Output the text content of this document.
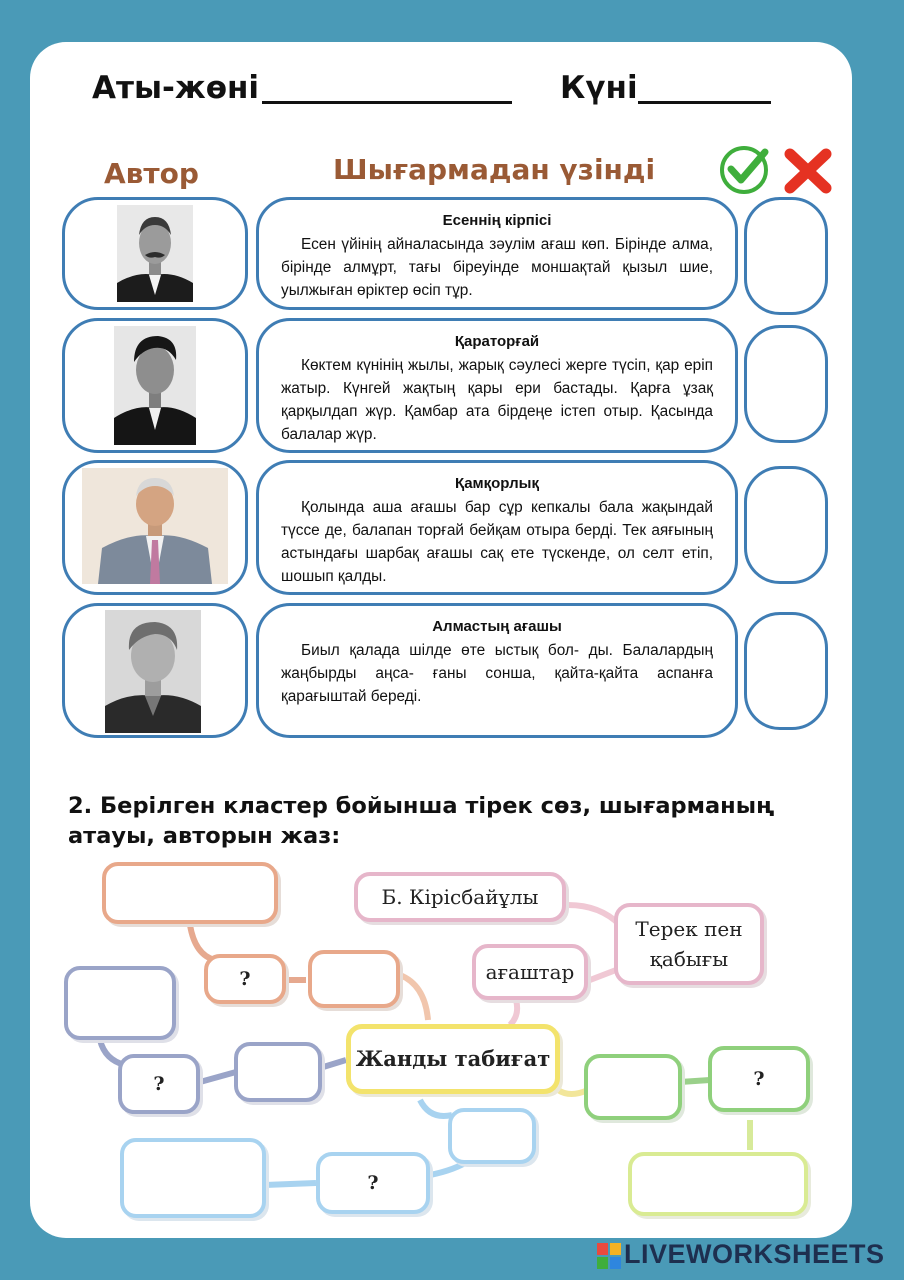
Аты-жөні	Күні
Автор	Шығармадан үзінді
Есеннің кірпісі
Есен үйінің айналасында зәулім ағаш көп. Бірінде алма, бірінде алмұрт, тағы біреуінде моншақтай қызыл шие, уылжыған өріктер өсіп тұр.
Қараторғай
Көктем күнінің жылы, жарық сәулесі жерге түсіп, қар еріп жатыр. Күнгей жақтың қары ери бастады. Қарға ұзақ қарқылдап жүр. Қамбар ата бірдеңе істеп отыр. Қасында балалар жүр.
Қамқорлық
Қолында аша ағашы бар сұр кепкалы бала жақындай түссе де, балапан торғай бейқам отыра берді. Тек аяғының астындағы шарбақ ағашы сақ ете түскенде, ол селт етіп, шошып қалды.
Алмастың ағашы
Биыл қалада шілде өте ыстық бол- ды. Балалардың жаңбырды аңса- ғаны сонша, қайта-қайта аспанға қарағыштай береді.
2. Берілген кластер бойынша тірек сөз, шығарманың
атауы, авторын жаз:
?
Б. Кірісбайұлы
Терек пен
қабығы
ағаштар
Жанды табиғат
?	?
?
LIVEWORKSHEETS
